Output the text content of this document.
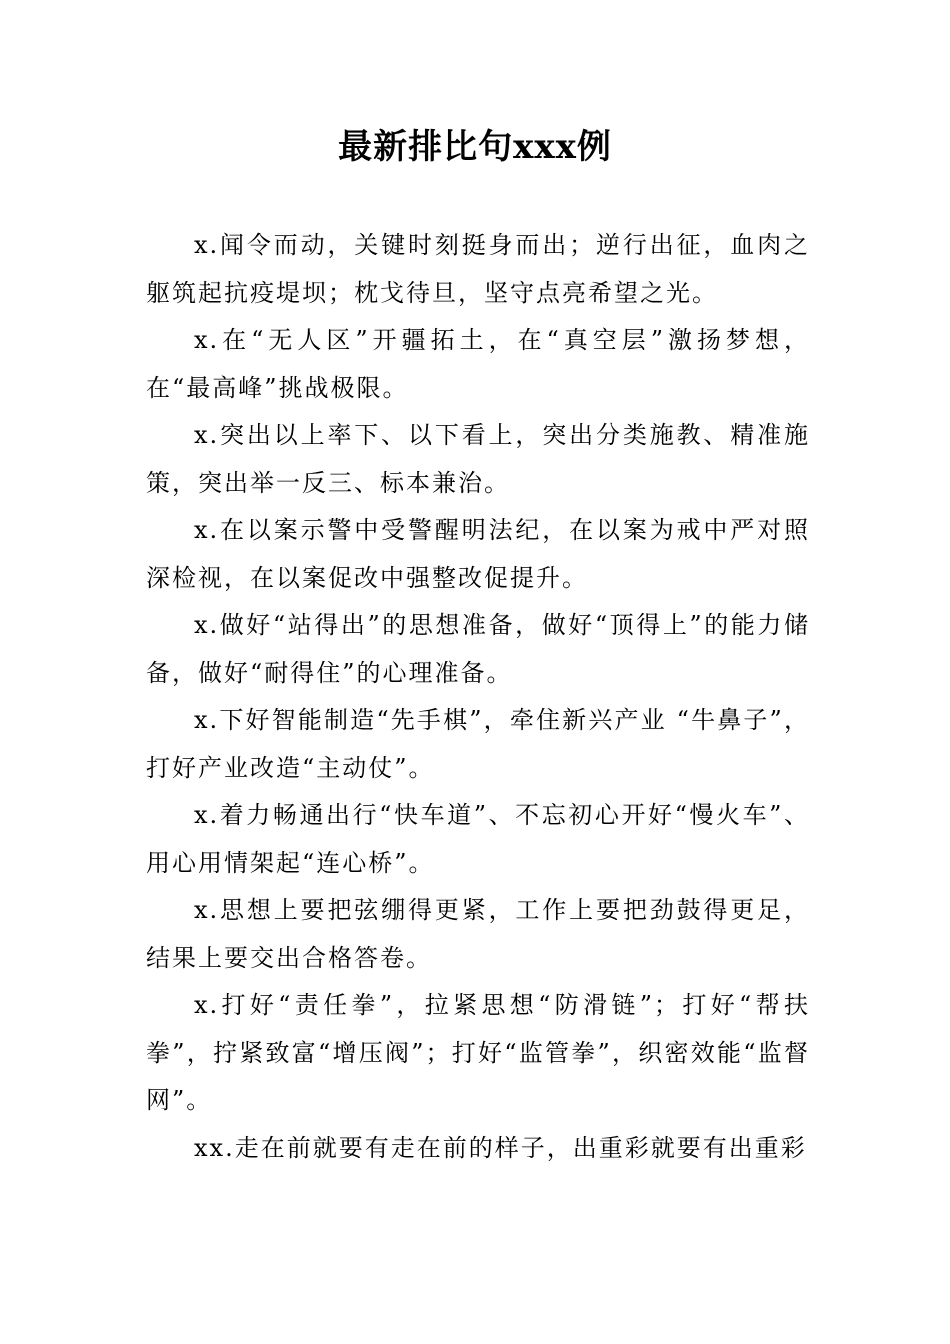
最新排比句xxx例

x.闻令而动，关键时刻挺身而出；逆行出征，血肉之躯筑起抗疫堤坝；枕戈待旦，坚守点亮希望之光。

x.在“无人区”开疆拓土，在“真空层”激扬梦想，在“最高峰”挑战极限。

x.突出以上率下、以下看上，突出分类施教、精准施策，突出举一反三、标本兼治。

x.在以案示警中受警醒明法纪，在以案为戒中严对照深检视，在以案促改中强整改促提升。

x.做好“站得出”的思想准备，做好“顶得上”的能力储备，做好“耐得住”的心理准备。

x.下好智能制造“先手棋”，牵住新兴产业 “牛鼻子”， 打好产业改造“主动仗”。

x.着力畅通出行“快车道”、不忘初心开好“慢火车”、用心用情架起“连心桥”。

x.思想上要把弦绷得更紧，工作上要把劲鼓得更足，结果上要交出合格答卷。

x.打好“责任拳”，拉紧思想“防滑链”；打好“帮扶拳”，拧紧致富“增压阀”；打好“监管拳”，织密效能“监督网”。

xx.走在前就要有走在前的样子，出重彩就要有出重彩
